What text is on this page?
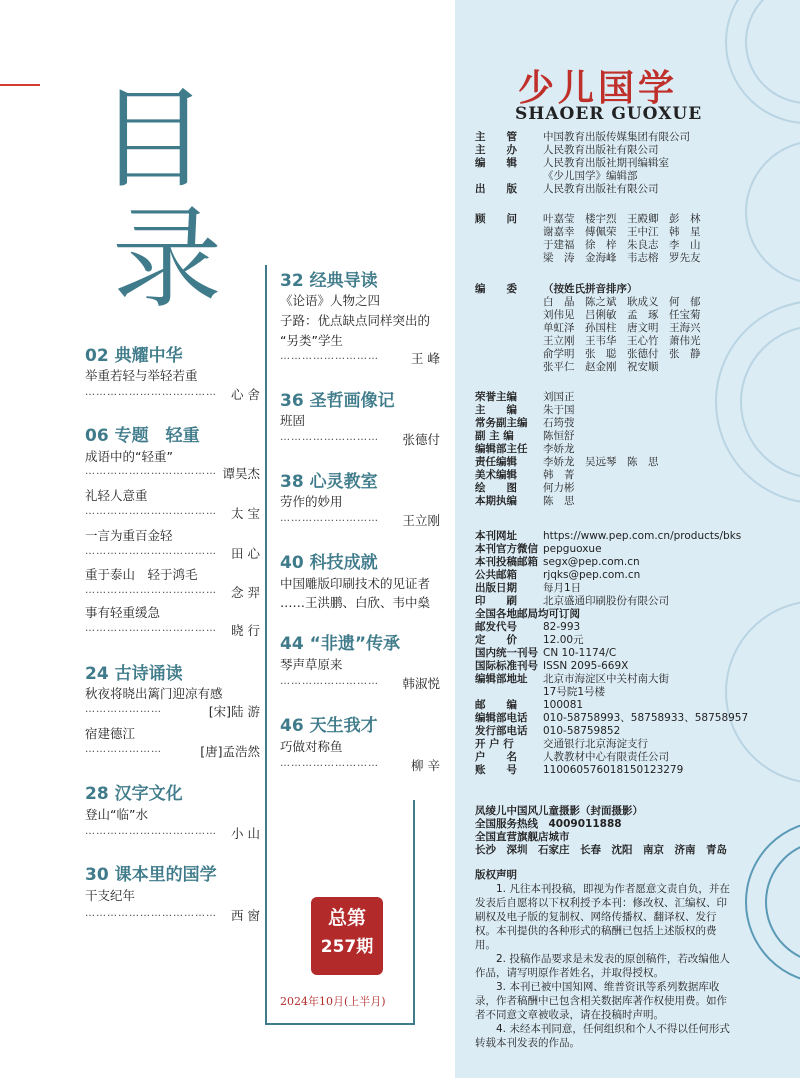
目
录
02 典耀中华
举重若轻与举轻若重
………………………………	心 舍
06 专题　轻重
成语中的“轻重”
……………………………… 谭昊杰
礼轻人意重
………………………………	太 宝
一言为重百金轻
………………………………	田 心
重于泰山　轻于鸿毛
………………………………	念 羿
事有轻重缓急
………………………………	晓 行
24 古诗诵读
秋夜将晓出篱门迎凉有感
…………………	[宋]陆 游
宿建德江
…………………	[唐]孟浩然
28 汉字文化
登山“临”水
………………………………	小 山
30 课本里的国学
干支纪年
………………………………	西 窗
32 经典导读
《论语》人物之四
子路：优点缺点同样突出的
“另类”学生
………………………	王 峰
36 圣哲画像记
班固
………………………	张德付
38 心灵教室
劳作的妙用
………………………	王立刚
40 科技成就
中国雕版印刷技术的见证者
……王洪鹏、白欣、韦中燊
44 “非遗”传承
琴声草原来
………………………	韩淑悦
46 天生我才
巧做对称鱼
………………………	柳 辛
总第
257期
2024年10月(上半月)
少儿国学
SHAOER GUOXUE
主　　管 中国教育出版传媒集团有限公司
主　　办 人民教育出版社有限公司
编　　辑 人民教育出版社期刊编辑室
《少儿国学》编辑部
出　　版 人民教育出版社有限公司
顾　　问	叶嘉莹　楼宇烈　王殿卿　彭　林
谢嘉幸　傅佩荣　王中江　韩　星
于建福　徐　梓　朱良志　李　山
梁　涛　金海峰　韦志榕　罗先友
编　　委 （按姓氏拼音排序）
白　晶　陈之斌　耿成义　何　郁
刘伟见　吕俐敏　孟　琢　任宝菊
单虹泽　孙国柱　唐文明　王海兴
王立刚　王韦华　王心竹　萧伟光
俞学明　张　聪　张德付　张　静
张平仁　赵金刚　祝安顺
荣誉主编 刘国正
主　　编 朱于国
常务副主编 石筠弢
副 主 编	陈恒舒
编辑部主任 李娇龙
责任编辑 李娇龙　吴远琴　陈　思
美术编辑 韩　菁
绘　　图 何力彬
本期执编 陈　思
本刊网址 https://www.pep.com.cn/products/bks
本刊官方微信 pepguoxue
本刊投稿邮箱 segx@pep.com.cn
公共邮箱 rjqks@pep.com.cn
出版日期 每月1日
印　　刷 北京盛通印刷股份有限公司
全国各地邮局均可订阅
邮发代号 82-993
定　　价 12.00元
国内统一刊号 CN 10-1174/C
国际标准刊号 ISSN 2095-669X
编辑部地址 北京市海淀区中关村南大街
17号院1号楼
邮　　编 100081
编辑部电话 010-58758993、58758933、58758957
发行部电话 010-58759852
开 户 行	交通银行北京海淀支行
户　　名 人教教材中心有限责任公司
账　　号 110060576018150123279
凤绫儿中国风儿童摄影（封面摄影）
全国服务热线　4009011888
全国直营旗舰店城市
长沙　深圳　石家庄　长春　沈阳　南京　济南　青岛
版权声明
1. 凡往本刊投稿，即视为作者愿意文责自负，并在发表后自愿将以下权利授予本刊：修改权、汇编权、印刷权及电子版的复制权、网络传播权、翻译权、发行权。本刊提供的各种形式的稿酬已包括上述版权的费用。
2. 投稿作品要求是未发表的原创稿件，若改编他人作品，请写明原作者姓名，并取得授权。
3. 本刊已被中国知网、维普资讯等系列数据库收录，作者稿酬中已包含相关数据库著作权使用费。如作者不同意文章被收录，请在投稿时声明。
4. 未经本刊同意，任何组织和个人不得以任何形式转载本刊发表的作品。
